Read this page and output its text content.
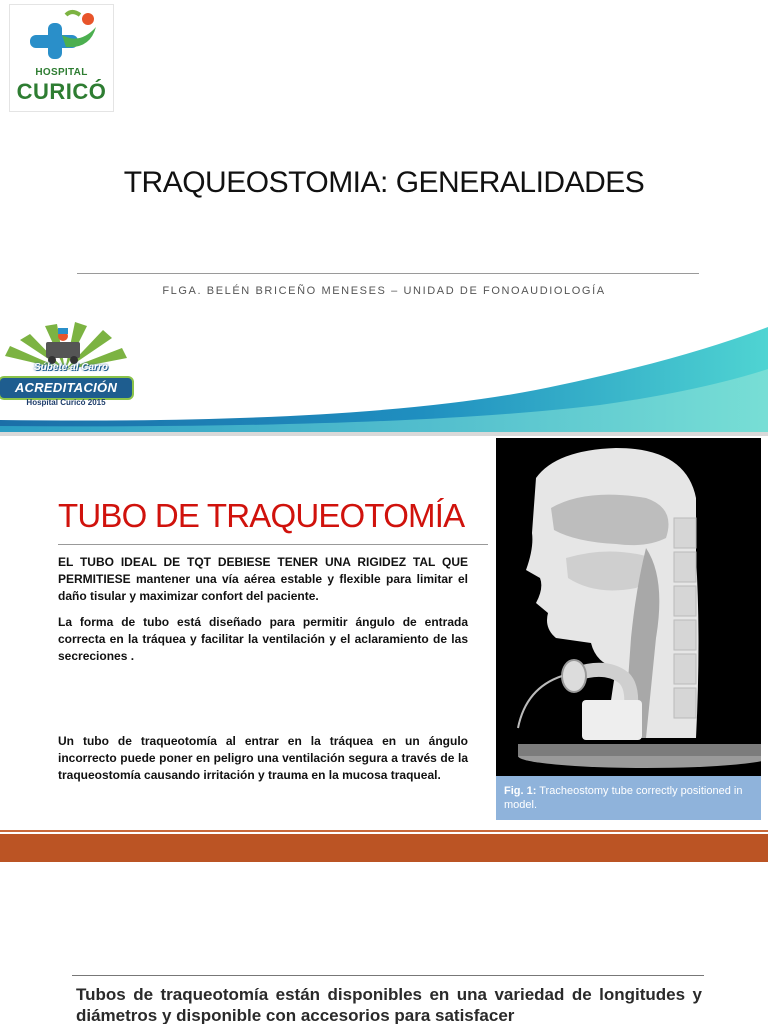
HOSPITAL
CURICÓ
TRAQUEOSTOMIA: GENERALIDADES
FLGA. BELÉN BRICEÑO MENESES – UNIDAD DE FONOAUDIOLOGÍA
Súbete al Carro
ACREDITACIÓN
Hospital Curicó 2015
TUBO DE TRAQUEOTOMÍA

EL TUBO IDEAL DE TQT DEBIESE TENER UNA RIGIDEZ TAL QUE PERMITIESE mantener una vía aérea estable y flexible para limitar el daño tisular y maximizar confort del paciente.

La forma de tubo está diseñado para permitir ángulo de entrada correcta en la tráquea y facilitar la ventilación y el aclaramiento de las secreciones .

Un tubo de traqueotomía al entrar en la tráquea en un ángulo incorrecto puede poner en peligro una ventilación segura a través de la traqueostomía causando irritación y trauma en la mucosa traqueal.

Fig. 1: Tracheostomy tube correctly positioned in model.

Tubos de traqueotomía están disponibles en una variedad de longitudes y diámetros y disponible con accesorios para satisfacer
